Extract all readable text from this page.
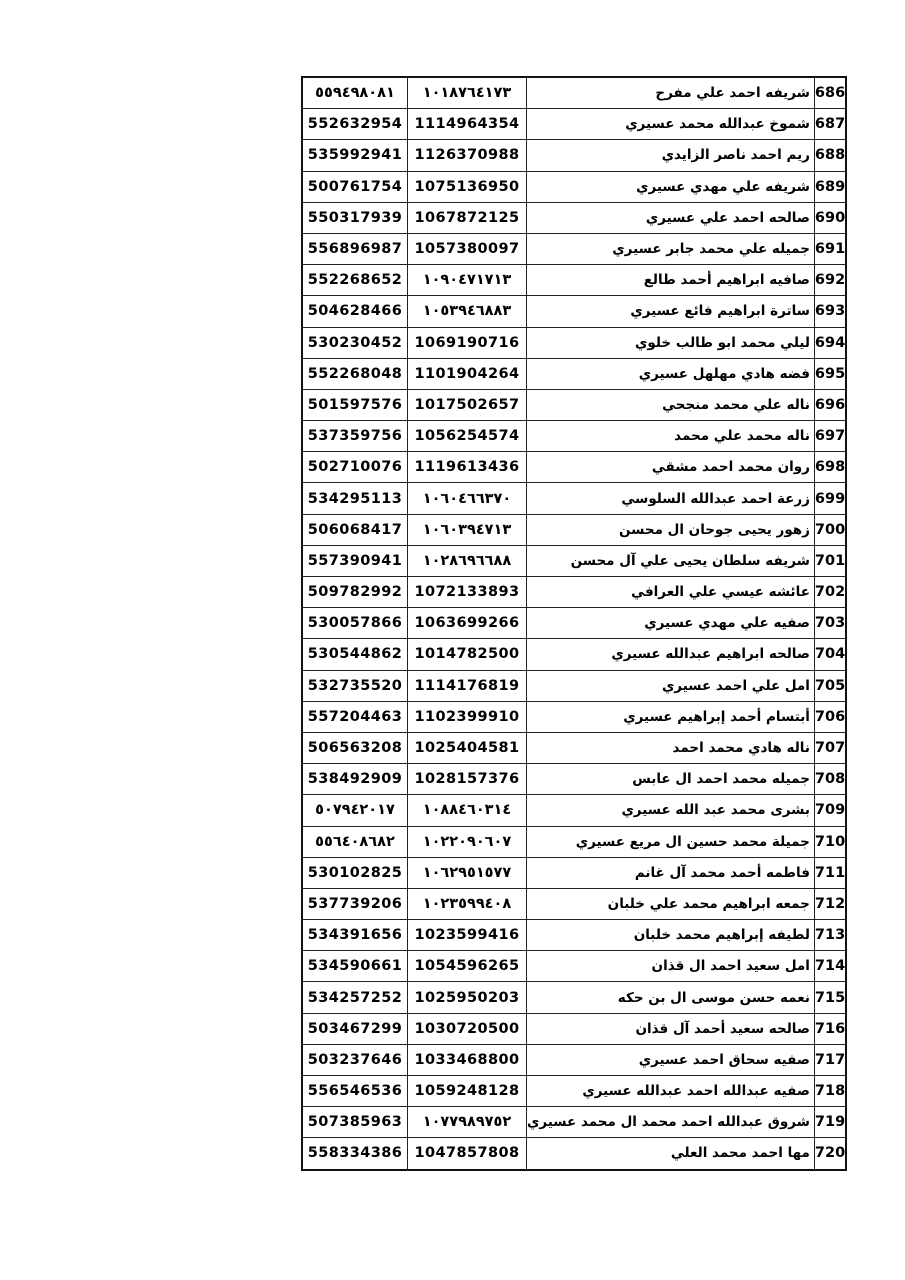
٥٥٩٤٩٨٠٨١	١٠١٨٧٦٤١٧٣	شريفه احمد علي مفرح	686
552632954	1114964354	شموخ عبدالله محمد عسيري	687
535992941	1126370988	ريم احمد ناصر الزايدي	688
500761754	1075136950	شريفه علي مهدي عسيري	689
550317939	1067872125	صالحه احمد علي عسيري	690
556896987	1057380097	جميله علي محمد جابر عسيري	691
552268652	١٠٩٠٤٧١٧١٣	صافيه ابراهيم أحمد طالع	692
504628466	١٠٥٣٩٤٦٨٨٣	ساترة ابراهيم فائع عسيري	693
530230452	1069190716	ليلي محمد ابو طالب خلوي	694
552268048	1101904264	فضه هادي مهلهل عسيري	695
501597576	1017502657	ناله علي محمد منجحي	696
537359756	1056254574	ناله محمد علي محمد	697
502710076	1119613436	روان محمد احمد مشقي	698
534295113	١٠٦٠٤٦٦٣٧٠	زرعة احمد عبدالله السلوسي	699
506068417	١٠٦٠٣٩٤٧١٣	زهور يحيى جوحان ال محسن	700
557390941	١٠٢٨٦٩٦٦٨٨	شريفه سلطان يحيى علي آل محسن	701
509782992	1072133893	عائشه عيسي علي العرافي	702
530057866	1063699266	صفيه علي مهدي عسيري	703
530544862	1014782500	صالحه ابراهيم عبدالله عسيري	704
532735520	1114176819	امل علي احمد عسيري	705
557204463	1102399910	أبتسام أحمد إبراهيم عسيري	706
506563208	1025404581	ناله هادي محمد احمد	707
538492909	1028157376	جميله محمد احمد ال عابس	708
٥٠٧٩٤٢٠١٧	١٠٨٨٤٦٠٣١٤	بشرى محمد عبد الله عسيري	709
٥٥٦٤٠٨٦٨٢	١٠٢٢٠٩٠٦٠٧	جميلة محمد حسين ال مريع عسيري	710
530102825	١٠٦٢٩٥١٥٧٧	فاطمه أحمد محمد آل غانم	711
537739206	١٠٢٣٥٩٩٤٠٨	جمعه ابراهيم محمد علي خلبان	712
534391656	1023599416	لطيفه إبراهيم محمد خلبان	713
534590661	1054596265	امل سعيد احمد ال قذان	714
534257252	1025950203	نعمه حسن موسى ال بن حكه	715
503467299	1030720500	صالحه سعيد أحمد آل قذان	716
503237646	1033468800	صفيه سحاق احمد عسيري	717
556546536	1059248128	صفيه عبدالله احمد عبدالله عسيري	718
507385963	١٠٧٧٩٨٩٧٥٢	شروق عبدالله احمد محمد ال محمد عسيري	719
558334386	1047857808	مها احمد محمد العلي	720
